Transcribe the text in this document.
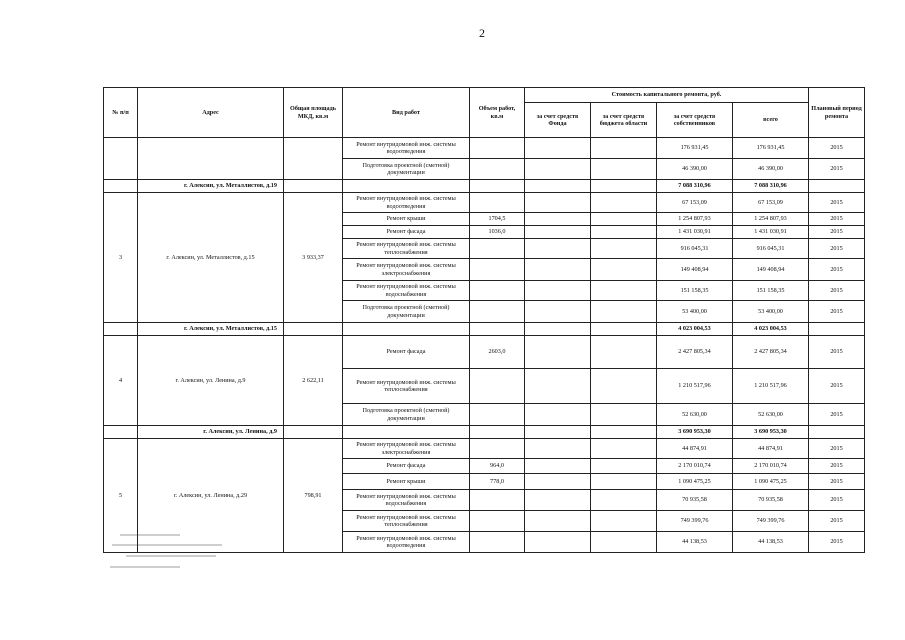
2
№ п/п	Адрес	Общая площадь МКД, кв.м	Вид работ	Объем работ, кв.м	Стоимость капитального ремонта, руб.				Плановый период ремонта
					за счет средств Фонда	за счет средств бюджета области	за счет средств собственников	всего	
			Ремонт внутридомовой инж. системы водоотведения				176 931,45	176 931,45	2015
			Подготовка проектной (сметной) документации				46 390,00	46 390,00	2015
	г. Алексин, ул. Металлистов, д.19						7 088 310,96	7 088 310,96	
3	г. Алексин, ул. Металлистов, д.15	3 933,37	Ремонт внутридомовой инж. системы водоотведения				67 153,09	67 153,09	2015
			Ремонт крыши	1704,5			1 254 807,93	1 254 807,93	2015
			Ремонт фасада	1036,0			1 431 030,91	1 431 030,91	2015
			Ремонт внутридомовой инж. системы теплоснабжения				916 045,31	916 045,31	2015
			Ремонт внутридомовой инж. системы электроснабжения				149 408,94	149 408,94	2015
			Ремонт внутридомовой инж. системы водоснабжения				151 158,35	151 158,35	2015
			Подготовка проектной (сметной) документации				53 400,00	53 400,00	2015
	г. Алексин, ул. Металлистов, д.15						4 023 004,53	4 023 004,53	
4	г. Алексин, ул. Ленина, д.9	2 622,11	Ремонт фасада	2603,0			2 427 805,34	2 427 805,34	2015
			Ремонт внутридомовой инж. системы теплоснабжения				1 210 517,96	1 210 517,96	2015
			Подготовка проектной (сметной) документации				52 630,00	52 630,00	2015
	г. Алексин, ул. Ленина, д.9						3 690 953,30	3 690 953,30	
5	г. Алексин, ул. Ленина, д.29	798,91	Ремонт внутридомовой инж. системы электроснабжения				44 874,91	44 874,91	2015
			Ремонт фасада	964,0			2 170 010,74	2 170 010,74	2015
			Ремонт крыши	778,0			1 090 475,25	1 090 475,25	2015
			Ремонт внутридомовой инж. системы водоснабжения				70 935,58	70 935,58	2015
			Ремонт внутридомовой инж. системы теплоснабжения				749 399,76	749 399,76	2015
			Ремонт внутридомовой инж. системы водоотведения				44 138,53	44 138,53	2015
